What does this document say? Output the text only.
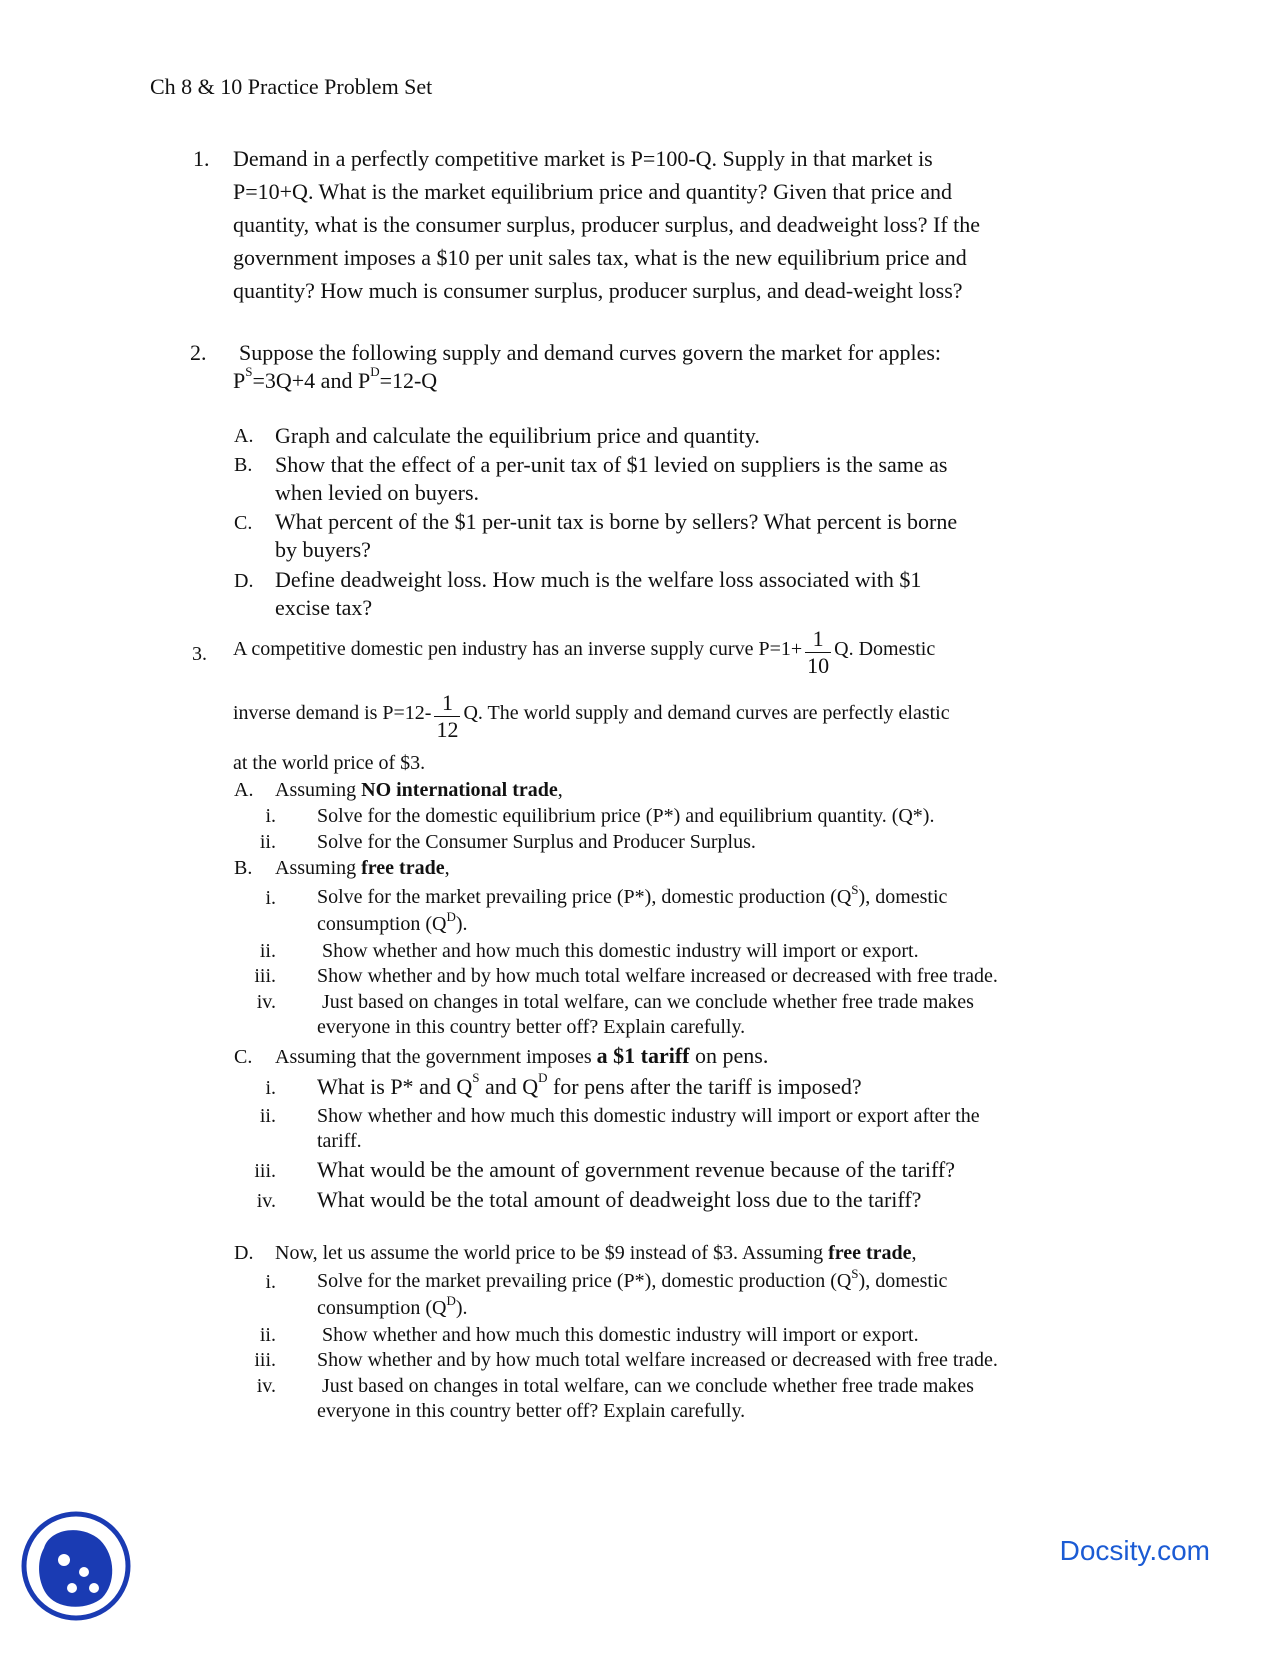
Ch 8 & 10 Practice Problem Set
1. Demand in a perfectly competitive market is P=100-Q. Supply in that market is
P=10+Q. What is the market equilibrium price and quantity? Given that price and
quantity, what is the consumer surplus, producer surplus, and deadweight loss? If the
government imposes a $10 per unit sales tax, what is the new equilibrium price and
quantity? How much is consumer surplus, producer surplus, and dead-weight loss?
2. Suppose the following supply and demand curves govern the market for apples:
$P^S=3Q+4$ and $P^D=12-Q$
A. Graph and calculate the equilibrium price and quantity.
B. Show that the effect of a per-unit tax of $1 levied on suppliers is the same as
when levied on buyers.
C. What percent of the $1 per-unit tax is borne by sellers? What percent is borne
by buyers?
D. Define deadweight loss. How much is the welfare loss associated with $1
excise tax?
3. A competitive domestic pen industry has an inverse supply curve $P=1+ \frac{1}{10} Q$. Domestic
inverse demand is $P=12- \frac{1}{12} Q$. The world supply and demand curves are perfectly elastic
at the world price of $3.
A. Assuming NO international trade,
i. Solve for the domestic equilibrium price (P*) and equilibrium quantity. (Q*).
ii. Solve for the Consumer Surplus and Producer Surplus.
B. Assuming free trade,
i. Solve for the market prevailing price (P*), domestic production $(Q^S)$, domestic
consumption $(Q^D)$.
ii. Show whether and how much this domestic industry will import or export.
iii. Show whether and by how much total welfare increased or decreased with free trade.
iv. Just based on changes in total welfare, can we conclude whether free trade makes
everyone in this country better off? Explain carefully.
C. Assuming that the government imposes a $1 tariff on pens.
i. What is P* and $Q^S$ and $Q^D$ for pens after the tariff is imposed?
ii. Show whether and how much this domestic industry will import or export after the
tariff.
iii. What would be the amount of government revenue because of the tariff?
iv. What would be the total amount of deadweight loss due to the tariff?
D. Now, let us assume the world price to be $9 instead of $3. Assuming free trade,
i. Solve for the market prevailing price (P*), domestic production $(Q^S)$, domestic
consumption $(Q^D)$.
ii. Show whether and how much this domestic industry will import or export.
iii. Show whether and by how much total welfare increased or decreased with free trade.
iv. Just based on changes in total welfare, can we conclude whether free trade makes
everyone in this country better off? Explain carefully.
Docsity.com
